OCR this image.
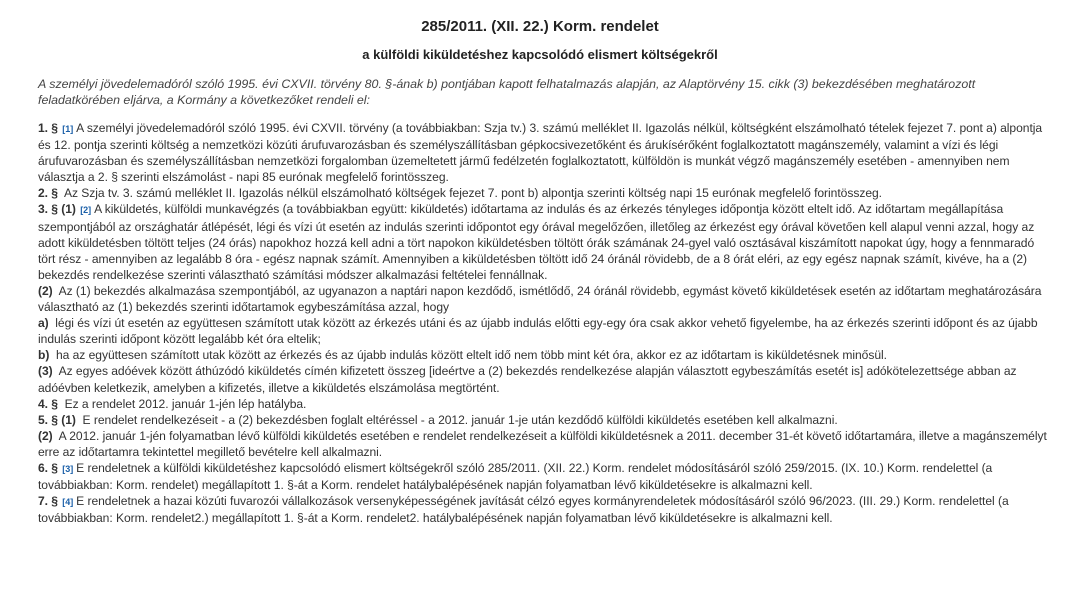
285/2011. (XII. 22.) Korm. rendelet
a külföldi kiküldetéshez kapcsolódó elismert költségekről
A személyi jövedelemadóról szóló 1995. évi CXVII. törvény 80. §-ának b) pontjában kapott felhatalmazás alapján, az Alaptörvény 15. cikk (3) bekezdésében meghatározott feladatkörében eljárva, a Kormány a következőket rendeli el:
1. § [1] A személyi jövedelemadóról szóló 1995. évi CXVII. törvény (a továbbiakban: Szja tv.) 3. számú melléklet II. Igazolás nélkül, költségként elszámolható tételek fejezet 7. pont a) alpontja és 12. pontja szerinti költség a nemzetközi közúti árufuvarozásban és személyszállításban gépkocsivezetőként és árukísérőként foglalkoztatott magánszemély, valamint a vízi és légi árufuvarozásban és személyszállításban nemzetközi forgalomban üzemeltetett jármű fedélzetén foglalkoztatott, külföldön is munkát végző magánszemély esetében - amennyiben nem választja a 2. § szerinti elszámolást - napi 85 eurónak megfelelő forintösszeg.
2. § Az Szja tv. 3. számú melléklet II. Igazolás nélkül elszámolható költségek fejezet 7. pont b) alpontja szerinti költség napi 15 eurónak megfelelő forintösszeg.
3. § (1) [2] A kiküldetés, külföldi munkavégzés (a továbbiakban együtt: kiküldetés) időtartama az indulás és az érkezés tényleges időpontja között eltelt idő. Az időtartam megállapítása szempontjából az országhatár átlépését, légi és vízi út esetén az indulás szerinti időpontot egy órával megelőzően, illetőleg az érkezést egy órával követően kell alapul venni azzal, hogy az adott kiküldetésben töltött teljes (24 órás) napokhoz hozzá kell adni a tört napokon kiküldetésben töltött órák számának 24-gyel való osztásával kiszámított napokat úgy, hogy a fennmaradó tört rész - amennyiben az legalább 8 óra - egész napnak számít. Amennyiben a kiküldetésben töltött idő 24 óránál rövidebb, de a 8 órát eléri, az egy egész napnak számít, kivéve, ha a (2) bekezdés rendelkezése szerinti választható számítási módszer alkalmazási feltételei fennállnak.
(2) Az (1) bekezdés alkalmazása szempontjából, az ugyanazon a naptári napon kezdődő, ismétlődő, 24 óránál rövidebb, egymást követő kiküldetések esetén az időtartam meghatározására választható az (1) bekezdés szerinti időtartamok egybeszámítása azzal, hogy
a) légi és vízi út esetén az együttesen számított utak között az érkezés utáni és az újabb indulás előtti egy-egy óra csak akkor vehető figyelembe, ha az érkezés szerinti időpont és az újabb indulás szerinti időpont között legalább két óra eltelik;
b) ha az együttesen számított utak között az érkezés és az újabb indulás között eltelt idő nem több mint két óra, akkor ez az időtartam is kiküldetésnek minősül.
(3) Az egyes adóévek között áthúzódó kiküldetés címén kifizetett összeg [ideértve a (2) bekezdés rendelkezése alapján választott egybeszámítás esetét is] adókötelezettsége abban az adóévben keletkezik, amelyben a kifizetés, illetve a kiküldetés elszámolása megtörtént.
4. § Ez a rendelet 2012. január 1-jén lép hatályba.
5. § (1) E rendelet rendelkezéseit - a (2) bekezdésben foglalt eltéréssel - a 2012. január 1-je után kezdődő külföldi kiküldetés esetében kell alkalmazni.
(2) A 2012. január 1-jén folyamatban lévő külföldi kiküldetés esetében e rendelet rendelkezéseit a külföldi kiküldetésnek a 2011. december 31-ét követő időtartamára, illetve a magánszemélyt erre az időtartamra tekintettel megillető bevételre kell alkalmazni.
6. § [3] E rendeletnek a külföldi kiküldetéshez kapcsolódó elismert költségekről szóló 285/2011. (XII. 22.) Korm. rendelet módosításáról szóló 259/2015. (IX. 10.) Korm. rendelettel (a továbbiakban: Korm. rendelet) megállapított 1. §-át a Korm. rendelet hatálybalépésének napján folyamatban lévő kiküldetésekre is alkalmazni kell.
7. § [4] E rendeletnek a hazai közúti fuvarozói vállalkozások versenyképességének javítását célzó egyes kormányrendeletek módosításáról szóló 96/2023. (III. 29.) Korm. rendelettel (a továbbiakban: Korm. rendelet2.) megállapított 1. §-át a Korm. rendelet2. hatálybalépésének napján folyamatban lévő kiküldetésekre is alkalmazni kell.
